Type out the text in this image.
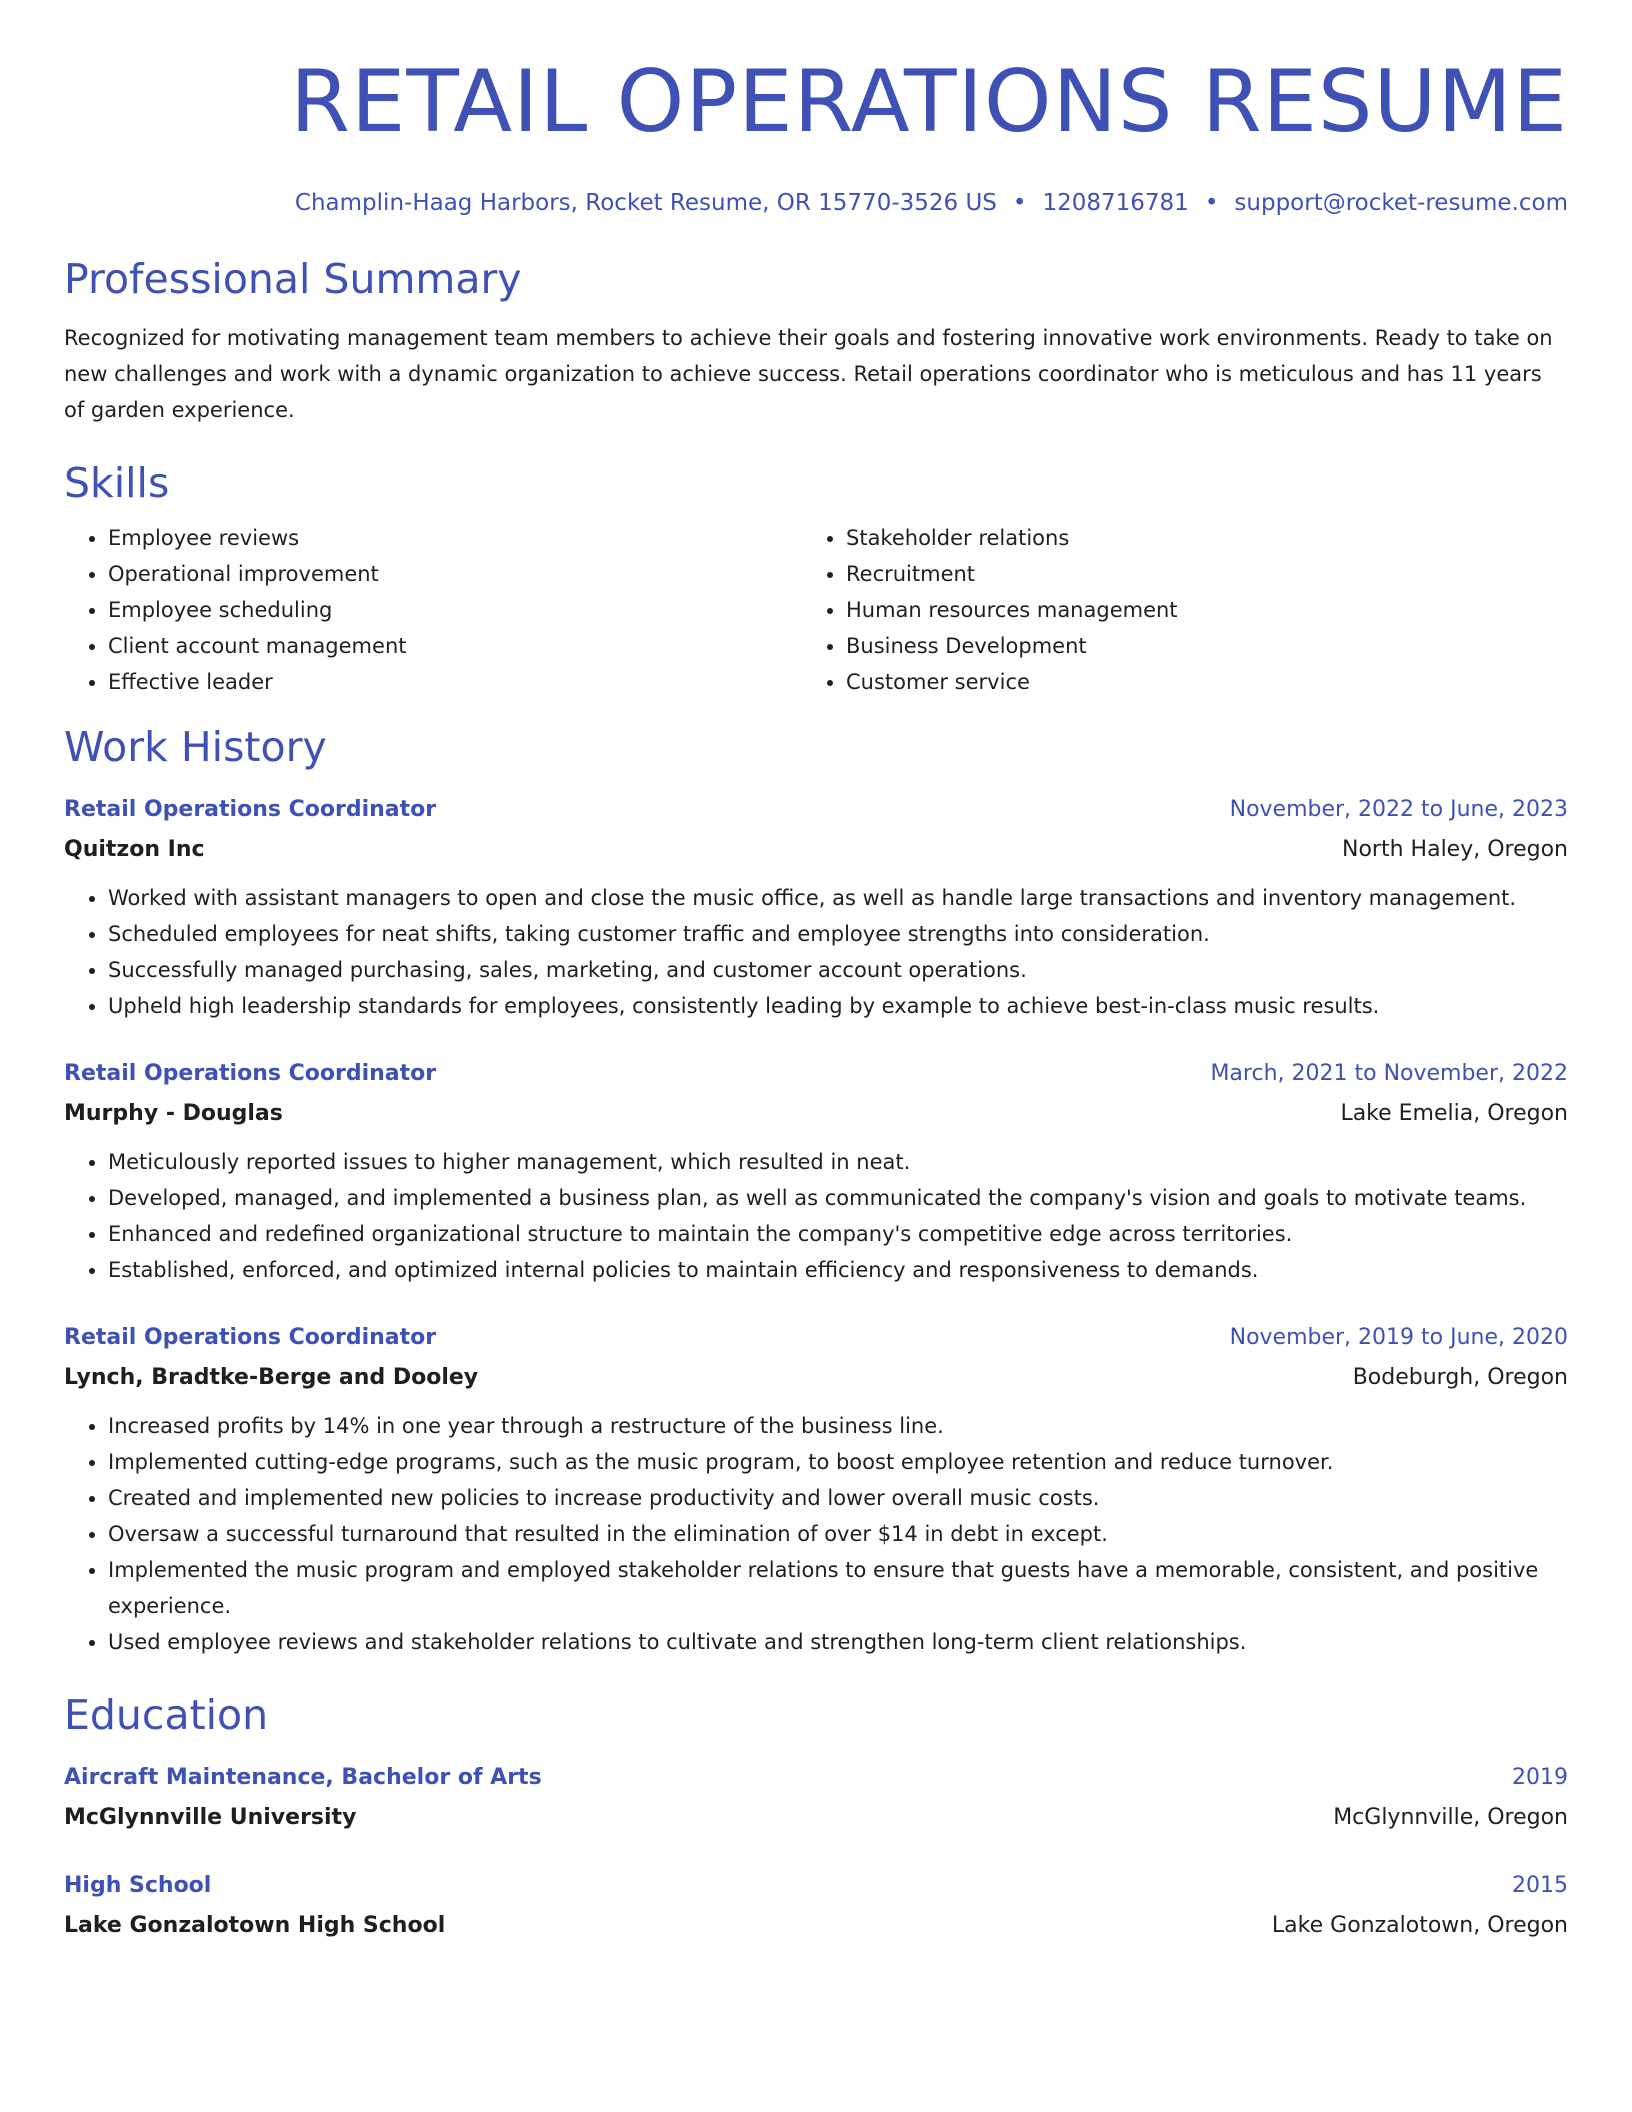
RETAIL OPERATIONS RESUME
Champlin-Haag Harbors, Rocket Resume, OR 15770-3526 US • 1208716781 • support@rocket-resume.com
Professional Summary

Recognized for motivating management team members to achieve their goals and fostering innovative work environments. Ready to take on new challenges and work with a dynamic organization to achieve success. Retail operations coordinator who is meticulous and has 11 years of garden experience.

Skills
• Employee reviews
• Operational improvement
• Employee scheduling
• Client account management
• Effective leader
• Stakeholder relations
• Recruitment
• Human resources management
• Business Development
• Customer service
Work History
Retail Operations Coordinator	November, 2022 to June, 2023
Quitzon Inc	North Haley, Oregon
• Worked with assistant managers to open and close the music office, as well as handle large transactions and inventory management.
• Scheduled employees for neat shifts, taking customer traffic and employee strengths into consideration.
• Successfully managed purchasing, sales, marketing, and customer account operations.
• Upheld high leadership standards for employees, consistently leading by example to achieve best-in-class music results.
Retail Operations Coordinator	March, 2021 to November, 2022
Murphy - Douglas	Lake Emelia, Oregon
• Meticulously reported issues to higher management, which resulted in neat.
• Developed, managed, and implemented a business plan, as well as communicated the company's vision and goals to motivate teams.
• Enhanced and redefined organizational structure to maintain the company's competitive edge across territories.
• Established, enforced, and optimized internal policies to maintain efficiency and responsiveness to demands.
Retail Operations Coordinator	November, 2019 to June, 2020
Lynch, Bradtke-Berge and Dooley	Bodeburgh, Oregon
• Increased profits by 14% in one year through a restructure of the business line.
• Implemented cutting-edge programs, such as the music program, to boost employee retention and reduce turnover.
• Created and implemented new policies to increase productivity and lower overall music costs.
• Oversaw a successful turnaround that resulted in the elimination of over $14 in debt in except.
• Implemented the music program and employed stakeholder relations to ensure that guests have a memorable, consistent, and positive experience.
• Used employee reviews and stakeholder relations to cultivate and strengthen long-term client relationships.
Education
Aircraft Maintenance, Bachelor of Arts	2019
McGlynnville University	McGlynnville, Oregon
High School	2015
Lake Gonzalotown High School	Lake Gonzalotown, Oregon
